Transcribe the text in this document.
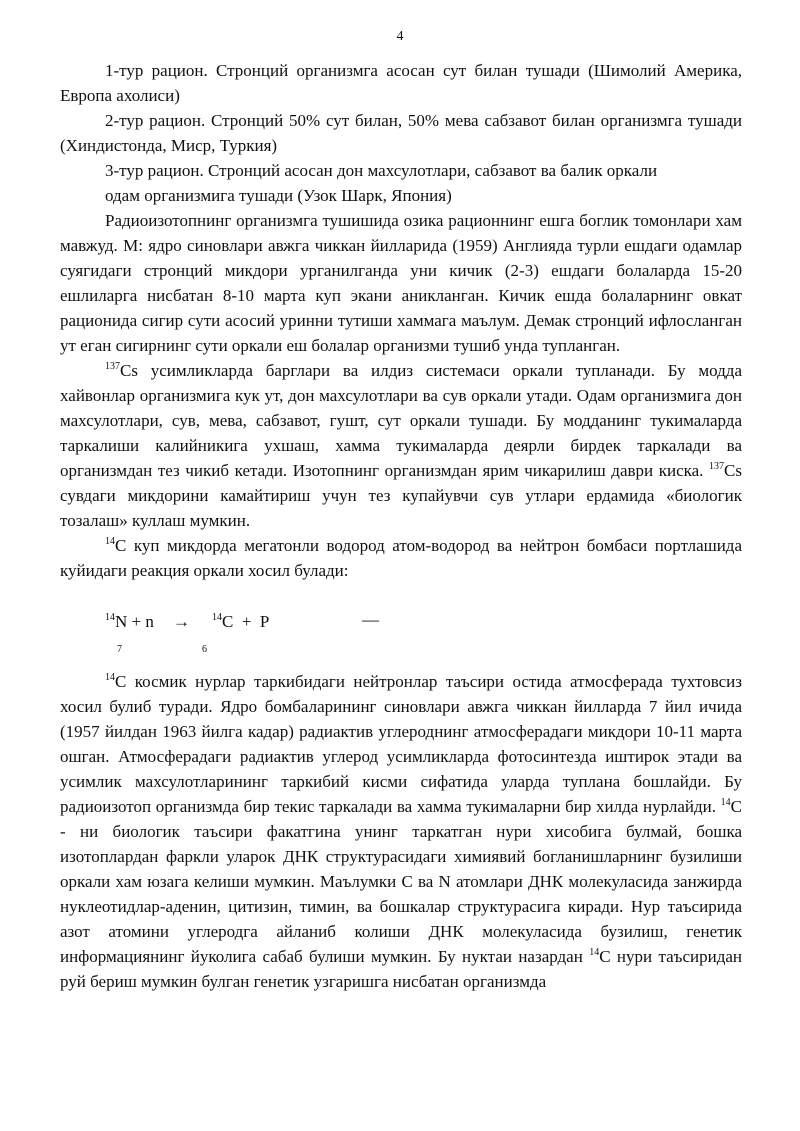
4

1-тур рацион. Стронций организмга асосан сут билан тушади (Шимолий Америка, Европа ахолиси)

2-тур рацион. Стронций 50% сут билан, 50% мева сабзавот билан организмга тушади (Хиндистонда, Миср, Туркия)

3-тур рацион. Стронций асосан дон махсулотлари, сабзавот ва балик оркали

одам организмига тушади (Узок Шарк, Япония)

Радиоизотопнинг организмга тушишида озика рационнинг ешга боглик томонлари хам мавжуд. М: ядро синовлари авжга чиккан йилларида (1959) Англияда турли ешдаги одамлар суягидаги стронций микдори урганилганда уни кичик (2-3) ешдаги болаларда 15-20 ешлиларга нисбатан 8-10 марта куп экани аникланган. Кичик ешда болаларнинг овкат рационида сигир сути асосий уринни тутиши хаммага маълум. Демак стронций ифлосланган ут еган сигирнинг сути оркали еш болалар организми тушиб унда тупланган.

$^{137}$Cs усимликларда барглари ва илдиз системаси оркали тупланади. Бу модда хайвонлар организмига кук ут, дон махсулотлари ва сув оркали утади. Одам организмига дон махсулотлари, сув, мева, сабзавот, гушт, сут оркали тушади. Бу модданинг тукималарда таркалиши калийникига ухшаш, хамма тукималарда деярли бирдек таркалади ва организмдан тез чикиб кетади. Изотопнинг организмдан ярим чикарилиш даври киска. $^{137}$Cs сувдаги микдорини камайтириш учун тез купайувчи сув утлари ердамида «биологик тозалаш» куллаш мумкин.

$^{14}$C куп микдорда мегатонли водород атом-водород ва нейтрон бомбаси портлашида куйидаги реакция оркали хосил булади:

$^{14}$N + n → $^{14}$C  +  P
7	6
—

$^{14}$C космик нурлар таркибидаги нейтронлар таъсири остида атмосферада тухтовсиз хосил булиб туради. Ядро бомбаларининг синовлари авжга чиккан йилларда 7 йил ичида (1957 йилдан 1963 йилга кадар) радиактив углероднинг атмосферадаги микдори 10-11 марта ошган. Атмосферадаги радиактив углерод усимликларда фотосинтезда иштирок этади ва усимлик махсулотларининг таркибий кисми сифатида уларда туплана бошлайди. Бу радиоизотоп организмда бир текис таркалади ва хамма тукималарни бир хилда нурлайди. $^{14}$C - ни биологик таъсири факатгина унинг таркатган нури хисобига булмай, бошка изотоплардан фаркли уларок ДНК структурасидаги химиявий богланишларнинг бузилиши оркали хам юзага келиши мумкин. Маълумки С ва N атомлари ДНК молекуласида занжирда нуклеотидлар-аденин, цитизин, тимин, ва бошкалар структурасига киради. Нур таъсирида азот атомини углеродга айланиб колиши ДНК молекуласида бузилиш, генетик информациянинг йуколига сабаб булиши мумкин. Бу нуктаи назардан $^{14}$C нури таъсиридан руй бериш мумкин булган генетик узгаришга нисбатан организмда
